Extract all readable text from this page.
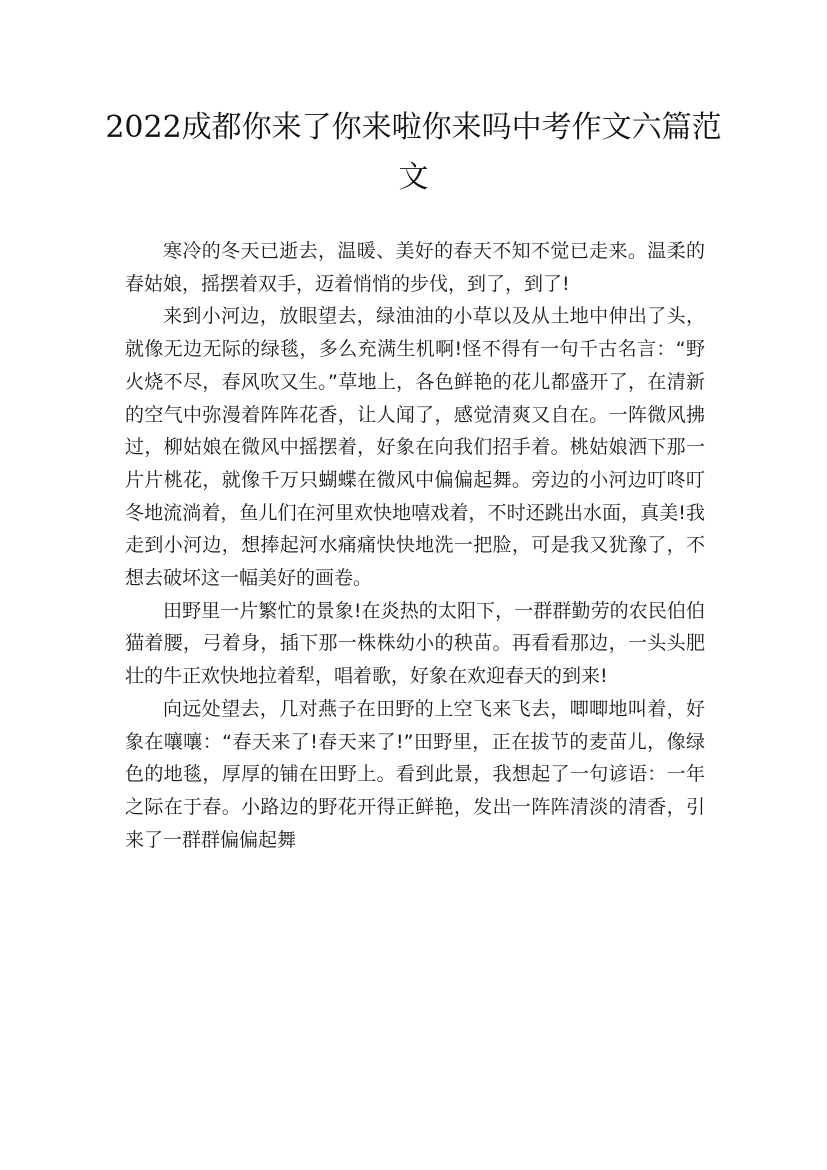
2022成都你来了你来啦你来吗中考作文六篇范文

寒冷的冬天已逝去，温暖、美好的春天不知不觉已走来。温柔的春姑娘，摇摆着双手，迈着悄悄的步伐，到了，到了!

来到小河边，放眼望去，绿油油的小草以及从土地中伸出了头，就像无边无际的绿毯，多么充满生机啊!怪不得有一句千古名言：“野火烧不尽，春风吹又生。”草地上，各色鲜艳的花儿都盛开了，在清新的空气中弥漫着阵阵花香，让人闻了，感觉清爽又自在。一阵微风拂过，柳姑娘在微风中摇摆着，好象在向我们招手着。桃姑娘洒下那一片片桃花，就像千万只蝴蝶在微风中偏偏起舞。旁边的小河边叮咚叮冬地流淌着，鱼儿们在河里欢快地嘻戏着，不时还跳出水面，真美!我走到小河边，想捧起河水痛痛快快地洗一把脸，可是我又犹豫了，不想去破坏这一幅美好的画卷。

田野里一片繁忙的景象!在炎热的太阳下，一群群勤劳的农民伯伯猫着腰，弓着身，插下那一株株幼小的秧苗。再看看那边，一头头肥壮的牛正欢快地拉着犁，唱着歌，好象在欢迎春天的到来!

向远处望去，几对燕子在田野的上空飞来飞去，唧唧地叫着，好象在嚷嚷：“春天来了!春天来了!”田野里，正在拔节的麦苗儿，像绿色的地毯，厚厚的铺在田野上。看到此景，我想起了一句谚语：一年之际在于春。小路边的野花开得正鲜艳，发出一阵阵清淡的清香，引来了一群群偏偏起舞
